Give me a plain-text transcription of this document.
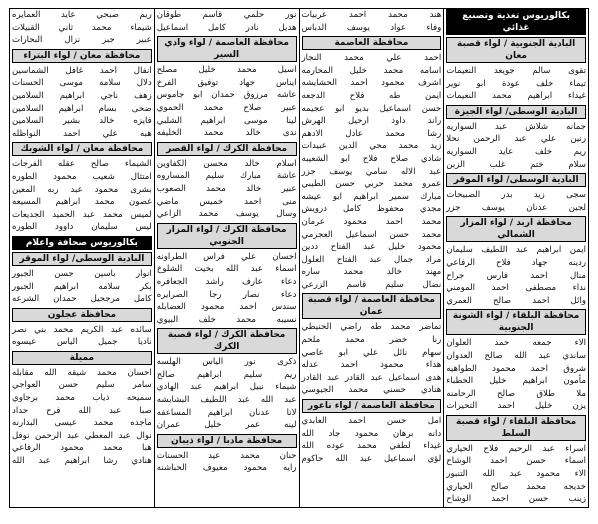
بكالوريوس تغذية وتصنيع غذائي
البادية الجنوبية / لواء قصبة معان
تقوى
سالم
جويعد
النعيمات
تيماء
خلف
عودة
ابو
نوير
غيداء
ابراهيم
محمد
النعيمات
البادية الوسطى/ لواء الجيزة
جمانه
شلاش
عبد
السواريه
رنين
علي
عبد
الرحمن
نحلا
ريم
خلف
عايد
السواريه
سلام
ختم
غلب
الزبن
البادية الوسطى/ لواء الموقر
سجى
زيد
بدر
الصبيحات
لجين
عدنان
يوسف
جزر
محافظة اربد / لواء المزار الشمالي
ايمن
ابراهيم
عبد
اللطيف
سليمان
ردينه
جهاد
فلاح
الرفاعي
منال
احمد
فارس
جراح
نداء
مصطفى
احمد
المومني
وائل
احمد
صالح
العمري
محافظة البلقاء / لواء الشونة الجنوبية
الاء
جمعه
حمد
العلوان
ساندي
عبد
الله
صالح
العدوان
شروق
احمد
محمود
الطواهيه
مأمون
ابراهيم
خليل
الخطباء
ملا
طلاق
صالح
الرحامنه
يزن
خليل
احمد
التحيرات
محافظة البلقاء / لواء قصبة السلط
اسراء
عبد
الرحيم
فلاح
الحياري
اسماء
حسن
احمد
الوشاح
الاء
محمود
عبد
الله
التنبور
خديجه
محمد
صالح
الحياري
زينب
حسن
احمد
الوشاح
هند
محمد
احمد
عربيات
وفاء
عواد
يوسف
الدباس
محافظة العاصمة
احمد
علي
محمد
النجار
اسامه
محمد
خليل
المحارمه
اشرف
محمود
احمد
الحشايشه
ايمن
طه
فلاح
الدجعه
حسن
اسماعيل
بديو
ابو
عجيمه
راند
داود
ارحيل
الهرش
رشا
محمد
عادل
الادهم
زيد
محمد
محي
الدين
عبيدات
شادي
صلاح
فلاح
ابو
الشعيبه
عبد
الاله
سامي
يوسف
جزر
عمرو
محمد
حربي
حسن
الطيبي
مبارك
سمير
ابراهيم
ابو
عيشه
مجدي
محفوظ
كامل
درويش
محمد
احمد
محمود
عرمان
محمد
حسن
اسماعيل
العجرمي
محمود
خليل
عبد
الفتاح
ددين
مراد
جمال
عبد
الفتاح
العلول
مهند
خالد
محمد
ساره
نضال
سليم
قاسم
الزرعي
محافظة العاصمة / لواء قصبة عمان
تماضر
محمد
طه
راضي
الحنيطي
رنا
خضر
محمد
ملحم
سهام
نائل
علي
ابو
عاصي
هداء
محمود
احمد
عدله
هدى
اسماعيل
عبد
القادر
عبد
القادر
هنادي
حسني
محمد
الجيوسي
محافظة العاصمة / لواء ناعور
امل
حسن
احمد
العابدي
دانه
برهان
محمود
جاد
الله
غيداء
لطفي
محمد
عوده
الله
لؤي
اسماعيل
عبد
الله
حاكوم
نور
حلمي
قاسم
طوقان
هديل
نادر
كامل
اسماعيل
محافظة العاصمة / لواء وادي السير
اسيل
محمد
خليل
مصلح
ايناس
جهاد
توفيق
الفرخ
عاشه
مرزوق
حمدان
ابو
جاموس
عبير
صلاح
محمد
الحموي
لينا
موسى
ابراهيم
الشلبي
ندى
خالد
محمد
الخليفه
محافظة الكرك / لواء القصر
اسلام
خالد
محسن
الكفاوين
عاشة
مبارك
سليم
المساروه
عبير
خالد
محمد
الصعوب
منى
احمد
خميس
ماضي
وسال
يوسف
محمد
الزاعي
محافظة الكرك / لواء المزار الجنوبي
احسان
علي
فراس
الطراونه
اسماء
عبد
الله
بخيت
الشلوخ
دعاء
عارف
راشد
الجعافره
دعاء
نصار
رجا
الصرايره
سندس
احمد
محمود
العضايله
نسيبه
محمد
خلف
البيوي
محافظة الكرك / لواء قصبة الكرك
ذكرى
نور
الياس
الهلسه
ريم
سليم
ابراهيم
صالح
شيماء
نبيل
ابراهيم
عبد
الهادي
عبد
الله
عبد
اللطيف
البشابشه
لانا
عدنان
ابراهيم
المساعفه
لينه
عمر
خليل
عمران
محافظة مادبا / لواء ذيبان
حنان
محمد
عيد
الحسنات
رايه
محمود
معيوف
الحباشنه
ريم
صبحي
عايد
العمايره
شيماء
محمد
ثاني
القبيلات
عبير
جبر
نزال
البحارات
محافظة معان / لواء البتراء
انفال
احمد
غافل
الشماسين
دلال
سلامه
موسى
الحسنات
زهف
ناجي
ابراهيم
السلامين
ضحى
بسام
ابراهيم
السلامين
فايزه
خالد
بشير
السلامين
هبه
علي
احمد
النواظله
محافظة معان / لواء الشوبك
الشيماء
صالح
عقله
الفرجات
امتثال
شعيب
محمود
الطوره
بشرى
محمود
عبد
ربه
المعين
غصون
محمد
ابراهيم
المسيعه
لميس
محمد
عبد
الحميد
الجديعات
ليس
سليمان
داوود
الطوره
بكالوريوس صحافة واعلام
البادية الوسطى/ لواء الموقر
انوار
باسين
حسن
الجبور
بكر
سلامه
ابراهيم
الجبور
كامل
مرجحيل
حمدان
الشرعه
محافظة عجلون
سائده
عبد
الكريم
محمد
بني
نصر
ناديا
جميل
الياس
عيسوه
مميلة
احسان
محمد
شيقه
الله
مقابله
سامر
سليم
حسن
العواجي
سميحه
ذياب
محمد
برجاوي
صبا
عبد
الله
فرح
حداد
ماجده
محمد
عيسى
البدارنه
نوال
عبد
المعطي
عبد
الرحمن
نوفل
هبا
محمد
محمود
الرفاعي
هنادي
رشا
ابراهيم
عبد
الله
